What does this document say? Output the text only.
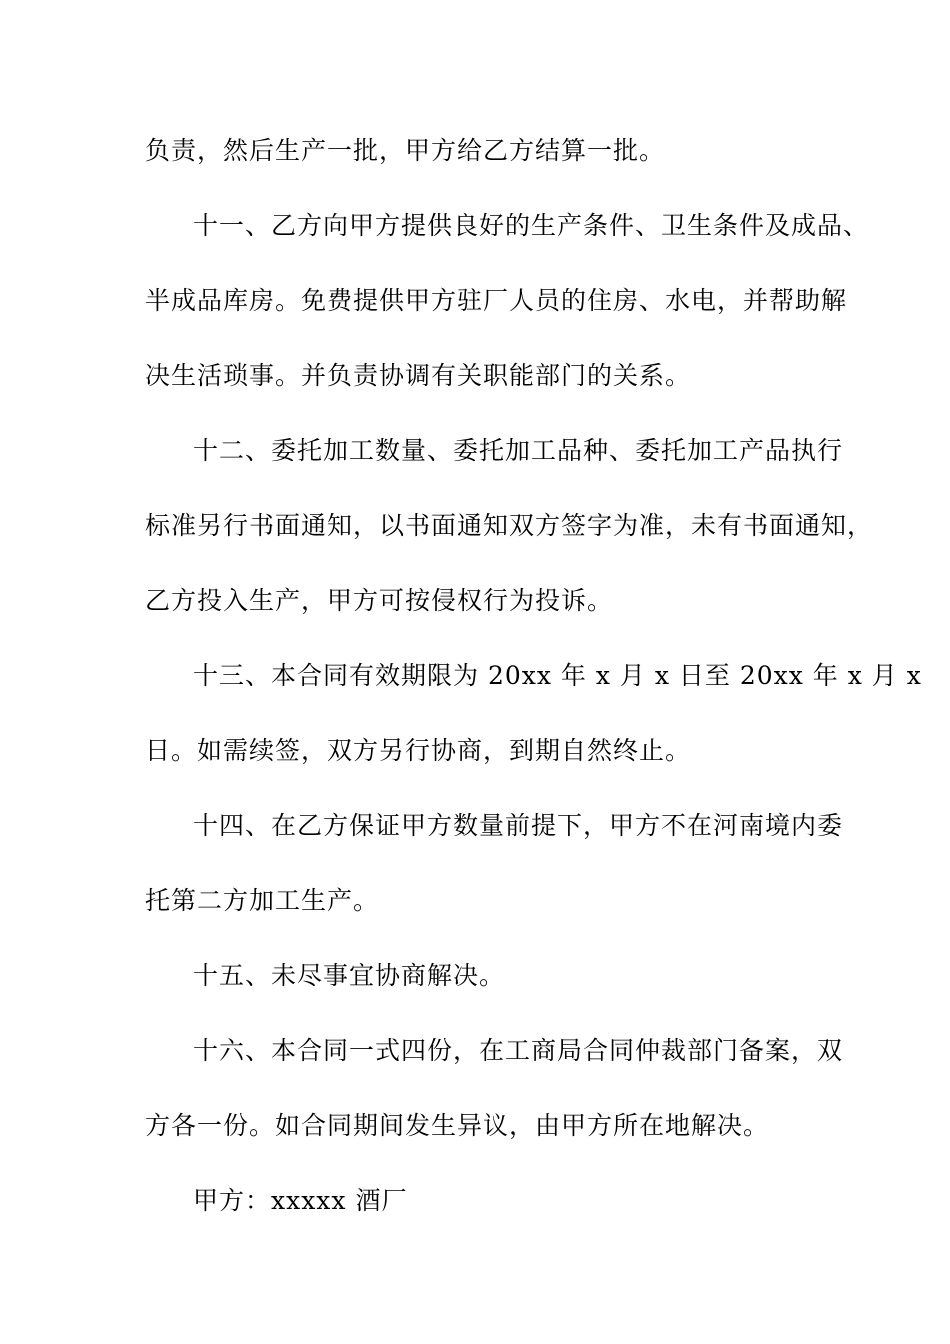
负责，然后生产一批，甲方给乙方结算一批。
十一、乙方向甲方提供良好的生产条件、卫生条件及成品、
半成品库房。免费提供甲方驻厂人员的住房、水电，并帮助解
决生活琐事。并负责协调有关职能部门的关系。
十二、委托加工数量、委托加工品种、委托加工产品执行
标准另行书面通知，以书面通知双方签字为准，未有书面通知，
乙方投入生产，甲方可按侵权行为投诉。
十三、本合同有效期限为 20xx 年 x 月 x 日至 20xx 年 x 月 x
日。如需续签，双方另行协商，到期自然终止。
十四、在乙方保证甲方数量前提下，甲方不在河南境内委
托第二方加工生产。
十五、未尽事宜协商解决。
十六、本合同一式四份，在工商局合同仲裁部门备案，双
方各一份。如合同期间发生异议，由甲方所在地解决。
甲方：xxxxx 酒厂
